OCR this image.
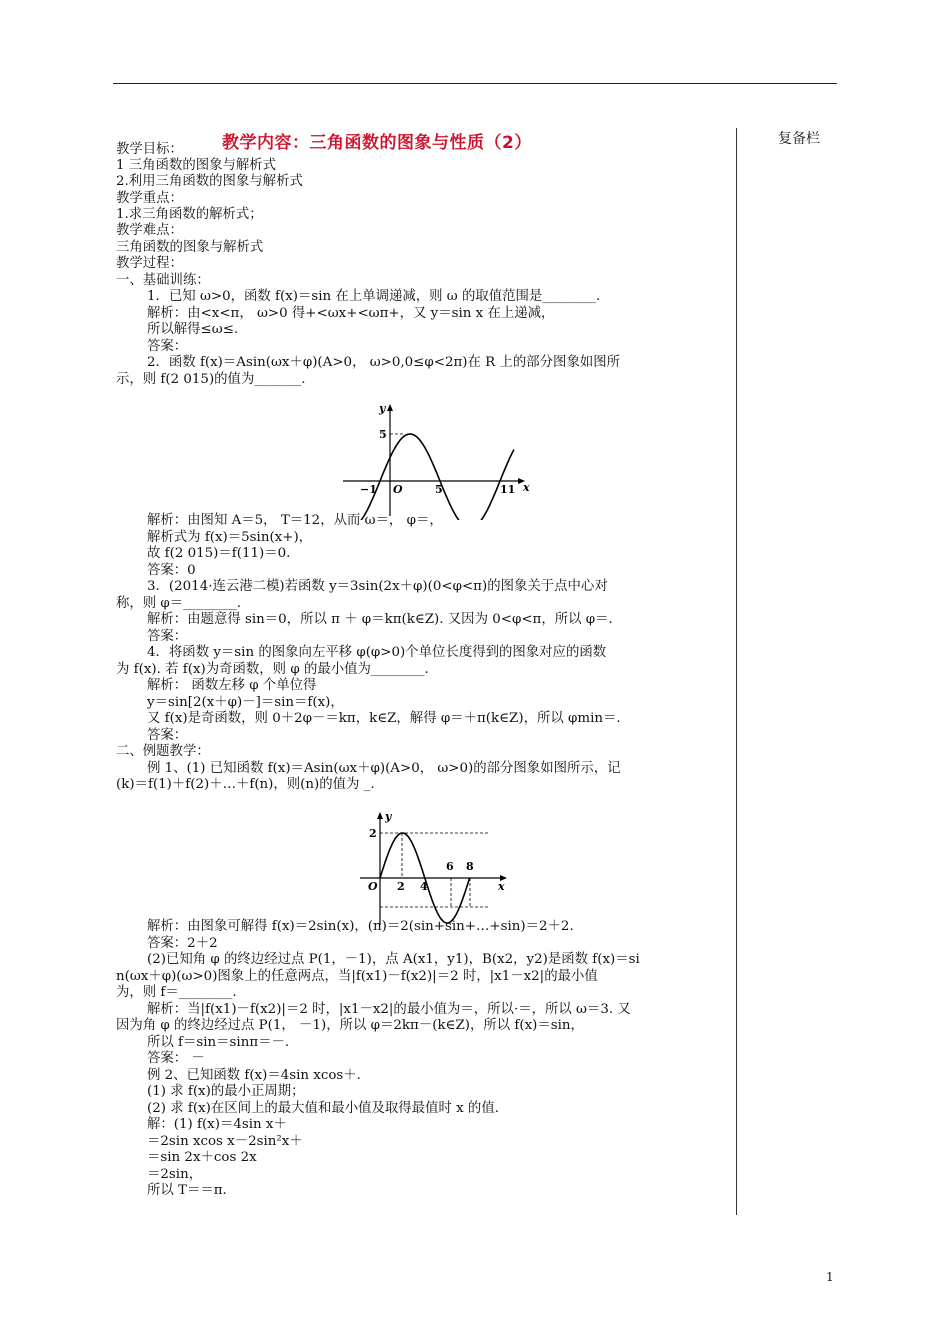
复备栏
教学内容：三角函数的图象与性质（2）
教学目标：
1 三角函数的图象与解析式
2.利用三角函数的图象与解析式
教学重点：
1.求三角函数的解析式；
教学难点：
三角函数的图象与解析式
教学过程：
一、基础训练：
1．已知 ω>0，函数 f(x)＝sin 在上单调递减，则 ω 的取值范围是________.
解析：由<x<π， ω>0 得+<ωx+<ωπ+，又 y＝sin x 在上递减，
所以解得≤ω≤.
答案：
2．函数 f(x)＝Asin(ωx＋φ)(A>0， ω>0,0≤φ<2π)在 R 上的部分图象如图所
示，则 f(2 015)的值为_______.
解析：由图知 A＝5， T＝12，从而 ω＝， φ＝，
解析式为 f(x)＝5sin(x+)，
故 f(2 015)＝f(11)＝0.
答案：0
3．(2014·连云港二模)若函数 y＝3sin(2x＋φ)(0<φ<π)的图象关于点中心对
称，则 φ＝________.
解析：由题意得 sin＝0，所以 π ＋ φ＝kπ(k∈Z). 又因为 0<φ<π，所以 φ＝.
答案：
4．将函数 y＝sin 的图象向左平移 φ(φ>0)个单位长度得到的图象对应的函数
为 f(x). 若 f(x)为奇函数，则 φ 的最小值为________.
解析： 函数左移 φ 个单位得
y＝sin[2(x＋φ)－]＝sin＝f(x)，
又 f(x)是奇函数，则 0＋2φ－＝kπ，k∈Z，解得 φ＝＋π(k∈Z)，所以 φmin＝.
答案：
二、例题教学：
例 1、(1) 已知函数 f(x)＝Asin(ωx＋φ)(A>0， ω>0)的部分图象如图所示，记
(k)＝f(1)＋f(2)＋…＋f(n)，则(n)的值为 _.
解析：由图象可解得 f(x)＝2sin(x)，(n)＝2(sin+sin+…+sin)＝2＋2.
答案：2＋2
(2)已知角 φ 的终边经过点 P(1，－1)，点 A(x1，y1)，B(x2，y2)是函数 f(x)＝si
n(ωx＋φ)(ω>0)图象上的任意两点，当|f(x1)－f(x2)|＝2 时，|x1－x2|的最小值
为，则 f＝________.
解析：当|f(x1)－f(x2)|＝2 时，|x1－x2|的最小值为＝，所以·＝，所以 ω＝3. 又
因为角 φ 的终边经过点 P(1， －1)，所以 φ＝2kπ－(k∈Z)，所以 f(x)＝sin，
所以 f＝sin＝sinπ＝－.
答案： －
例 2、已知函数 f(x)＝4sin xcos＋.
(1) 求 f(x)的最小正周期；
(2) 求 f(x)在区间上的最大值和最小值及取得最值时 x 的值.
解：(1) f(x)＝4sin x＋
＝2sin xcos x－2sin²x＋
＝sin 2x＋cos 2x
＝2sin，
所以 T＝＝π.
y
x
5
−1 O	5	11
y
x
2
O 2 4
6 8
1
